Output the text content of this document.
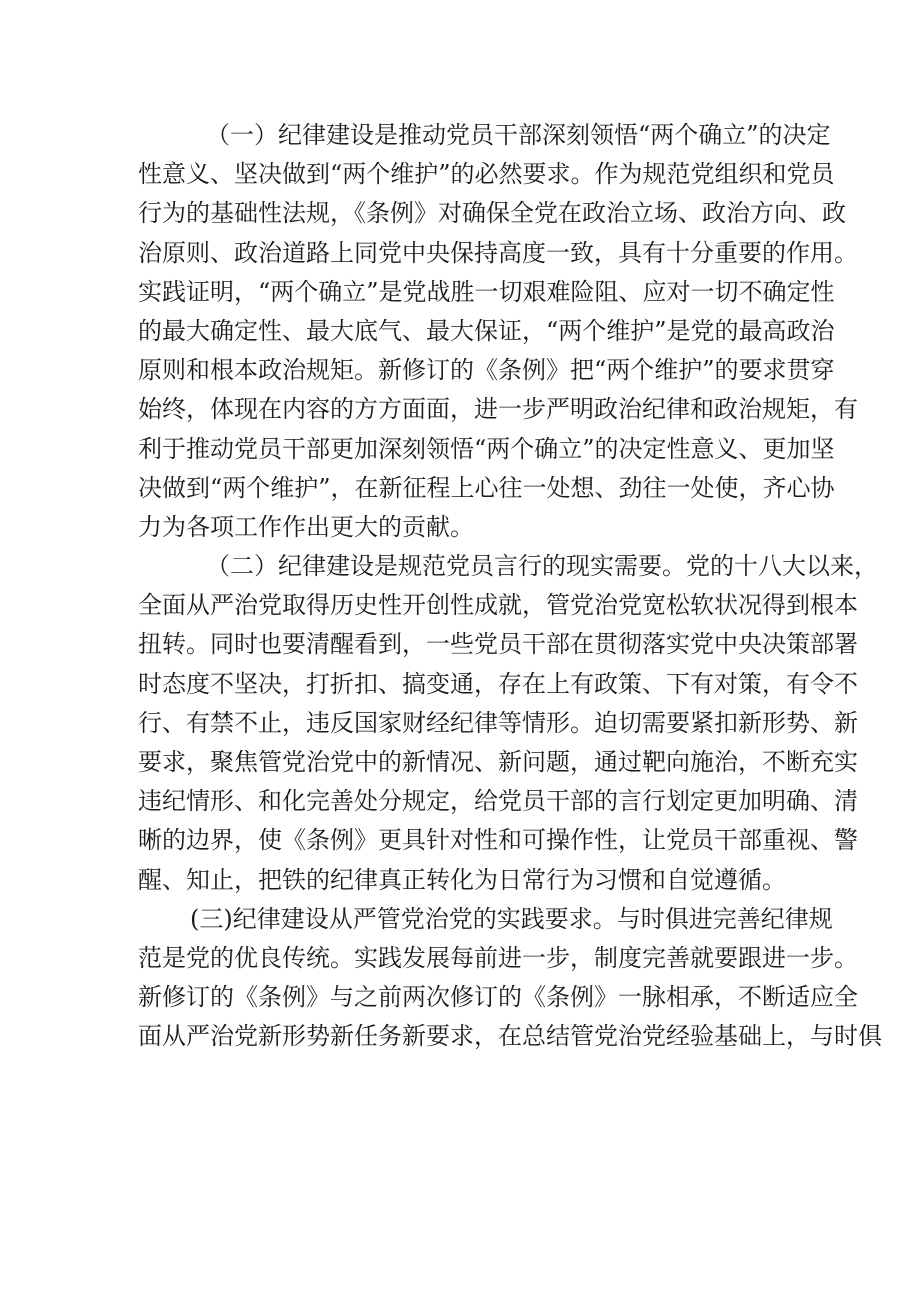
（一）纪律建设是推动党员干部深刻领悟“两个确立”的决定
性意义、坚决做到“两个维护”的必然要求。作为规范党组织和党员
行为的基础性法规，《条例》对确保全党在政治立场、政治方向、政
治原则、政治道路上同党中央保持高度一致，具有十分重要的作用。
实践证明，“两个确立”是党战胜一切艰难险阻、应对一切不确定性
的最大确定性、最大底气、最大保证，“两个维护”是党的最高政治
原则和根本政治规矩。新修订的《条例》把“两个维护”的要求贯穿
始终，体现在内容的方方面面，进一步严明政治纪律和政治规矩，有
利于推动党员干部更加深刻领悟“两个确立”的决定性意义、更加坚
决做到“两个维护”，在新征程上心往一处想、劲往一处使，齐心协
力为各项工作作出更大的贡献。
（二）纪律建设是规范党员言行的现实需要。党的十八大以来，
全面从严治党取得历史性开创性成就，管党治党宽松软状况得到根本
扭转。同时也要清醒看到，一些党员干部在贯彻落实党中央决策部署
时态度不坚决，打折扣、搞变通，存在上有政策、下有对策，有令不
行、有禁不止，违反国家财经纪律等情形。迫切需要紧扣新形势、新
要求，聚焦管党治党中的新情况、新问题，通过靶向施治，不断充实
违纪情形、和化完善处分规定，给党员干部的言行划定更加明确、清
晰的边界，使《条例》更具针对性和可操作性，让党员干部重视、警
醒、知止，把铁的纪律真正转化为日常行为习惯和自觉遵循。
(三)纪律建设从严管党治党的实践要求。与时俱进完善纪律规
范是党的优良传统。实践发展每前进一步，制度完善就要跟进一步。
新修订的《条例》与之前两次修订的《条例》一脉相承，不断适应全
面从严治党新形势新任务新要求，在总结管党治党经验基础上，与时俱
